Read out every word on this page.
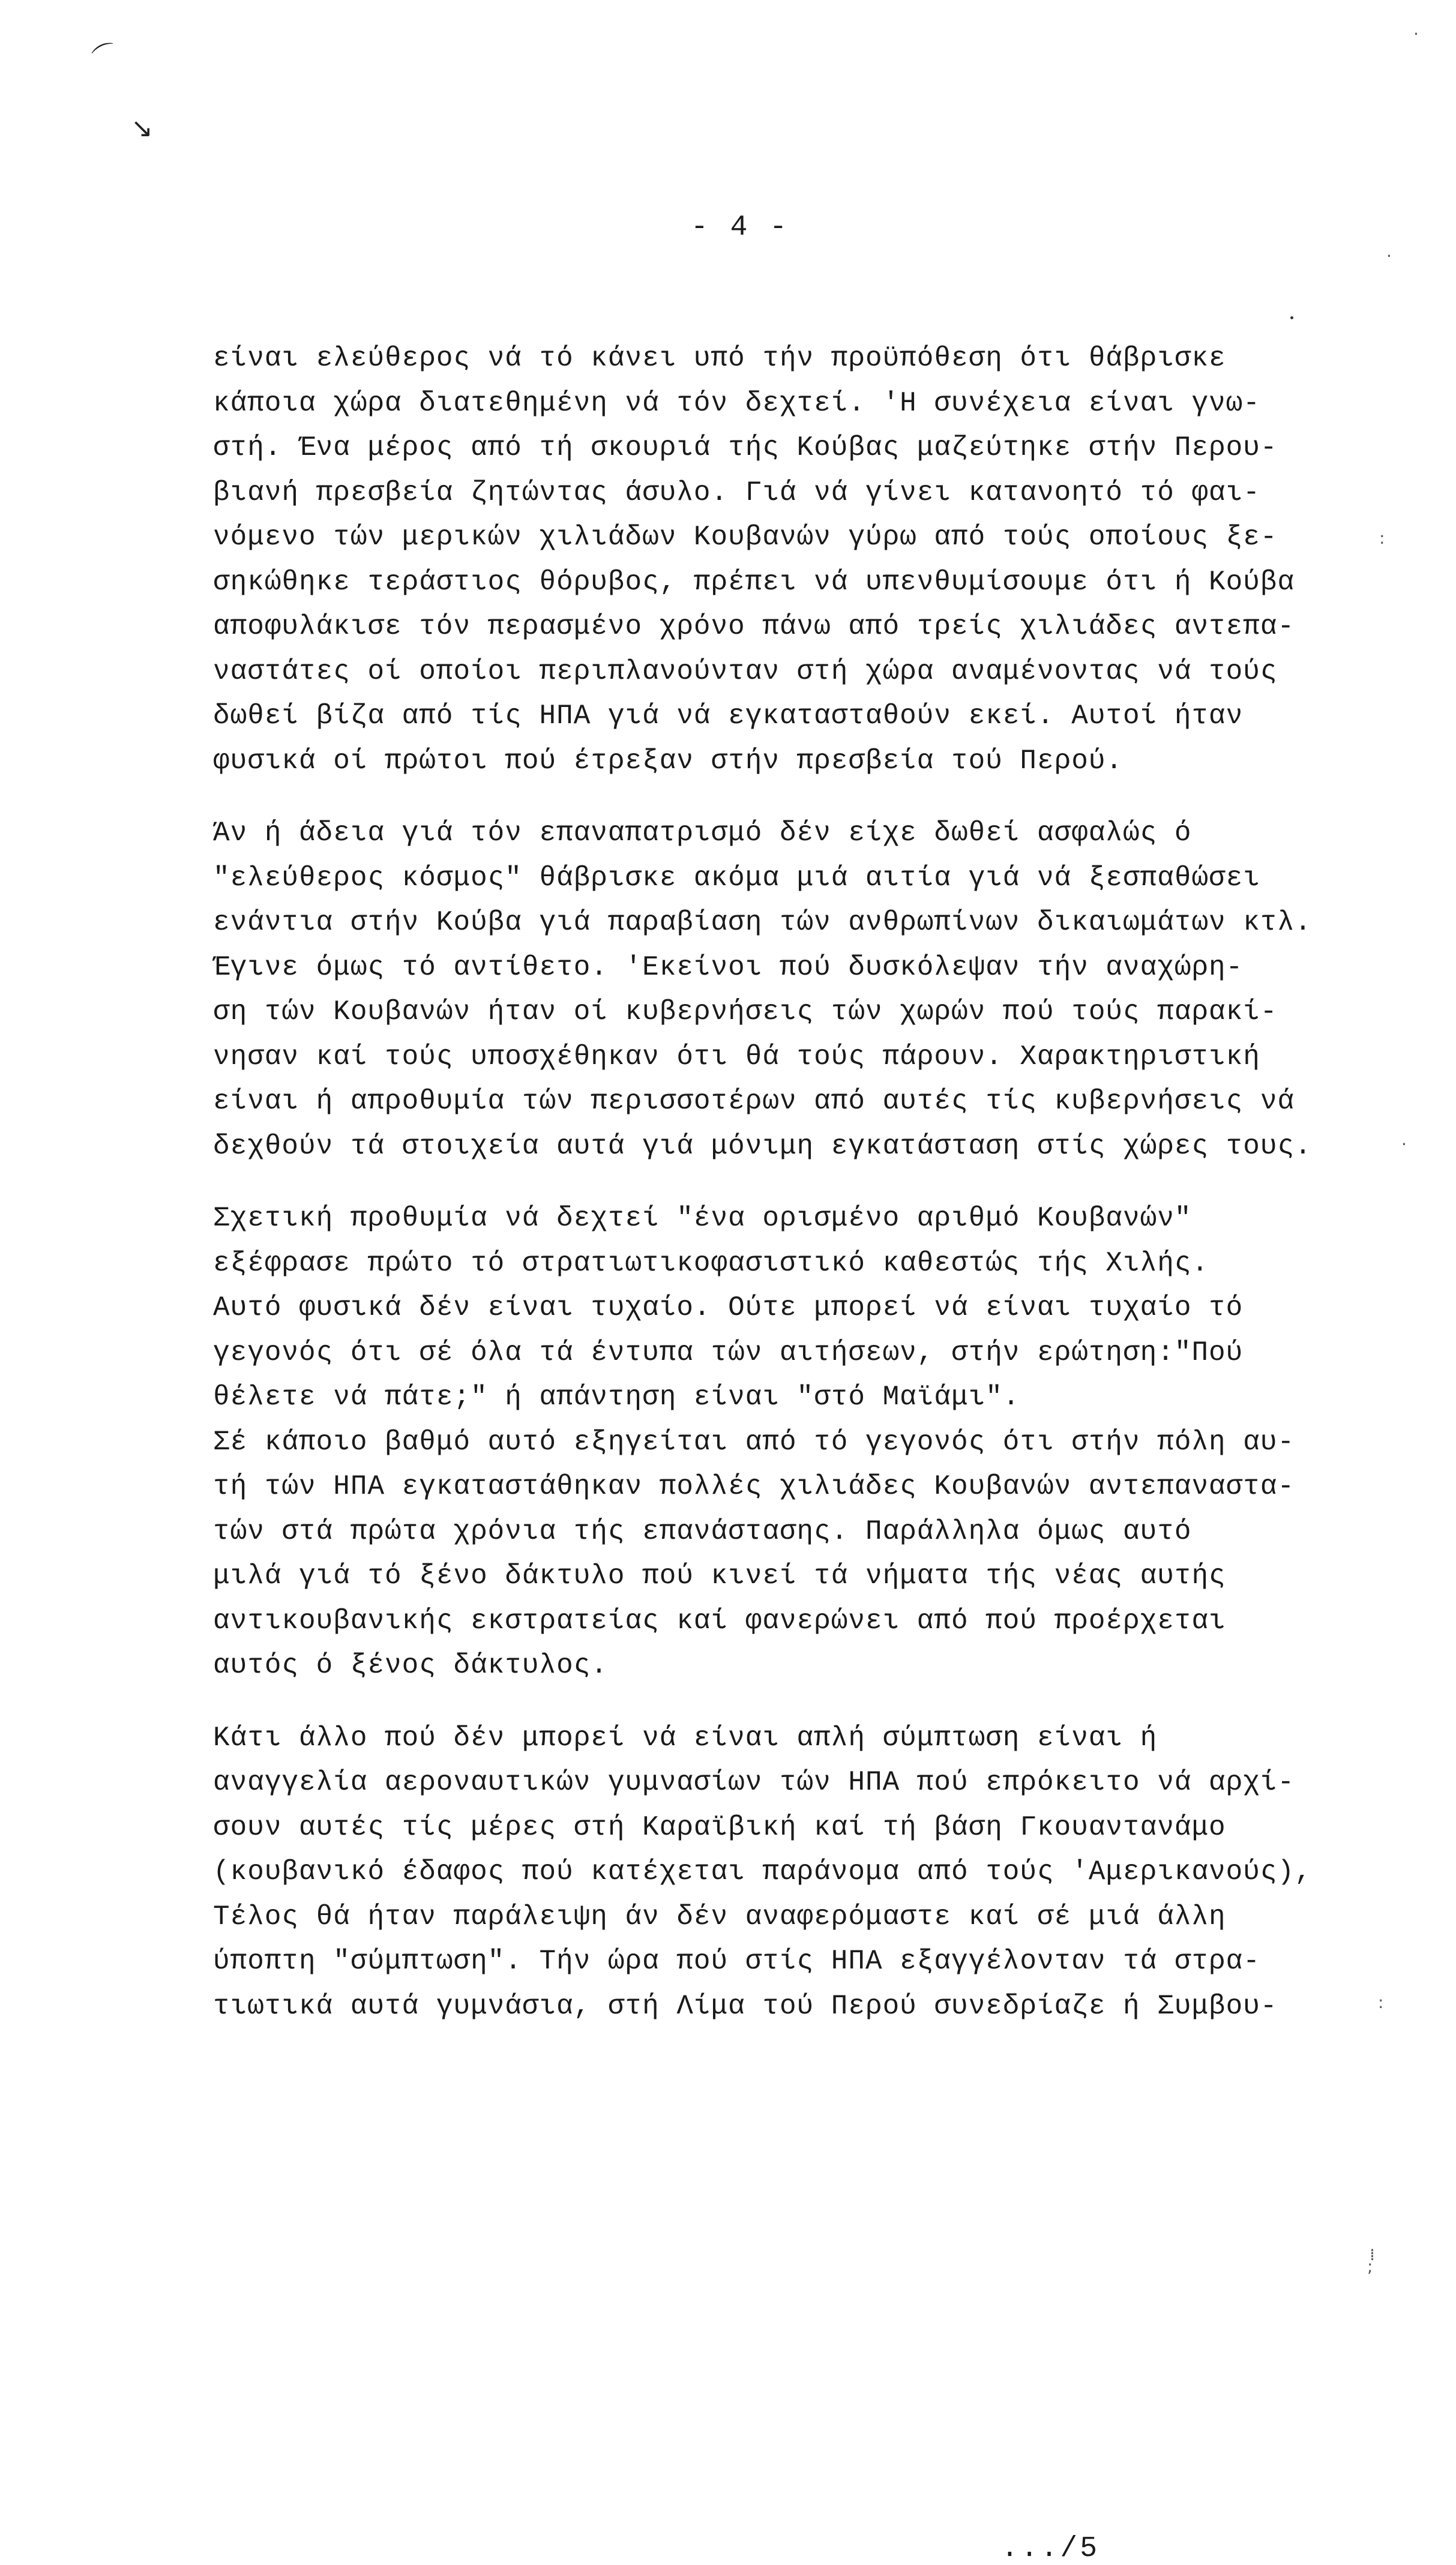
⌒
↘
- 4 -
είναι ελεύθερος νά τό κάνει υπό τήν προϋπόθεση ότι θάβρισκε
κάποια χώρα διατεθημένη νά τόν δεχτεί. 'Η συνέχεια είναι γνω-
στή. Ένα μέρος από τή σκουριά τής Κούβας μαζεύτηκε στήν Περου-
βιανή πρεσβεία ζητώντας άσυλο. Γιά νά γίνει κατανοητό τό φαι-
νόμενο τών μερικών χιλιάδων Κουβανών γύρω από τούς οποίους ξε-
σηκώθηκε τεράστιος θόρυβος, πρέπει νά υπενθυμίσουμε ότι ή Κούβα
αποφυλάκισε τόν περασμένο χρόνο πάνω από τρείς χιλιάδες αντεπα-
ναστάτες οί οποίοι περιπλανούνταν στή χώρα αναμένοντας νά τούς
δωθεί βίζα από τίς ΗΠΑ γιά νά εγκατασταθούν εκεί. Αυτοί ήταν
φυσικά οί πρώτοι πού έτρεξαν στήν πρεσβεία τού Περού.
Άν ή άδεια γιά τόν επαναπατρισμό δέν είχε δωθεί ασφαλώς ό
"ελεύθερος κόσμος" θάβρισκε ακόμα μιά αιτία γιά νά ξεσπαθώσει
ενάντια στήν Κούβα γιά παραβίαση τών ανθρωπίνων δικαιωμάτων κτλ.
Έγινε όμως τό αντίθετο. 'Εκείνοι πού δυσκόλεψαν τήν αναχώρη-
ση τών Κουβανών ήταν οί κυβερνήσεις τών χωρών πού τούς παρακί-
νησαν καί τούς υποσχέθηκαν ότι θά τούς πάρουν. Χαρακτηριστική
είναι ή απροθυμία τών περισσοτέρων από αυτές τίς κυβερνήσεις νά
δεχθούν τά στοιχεία αυτά γιά μόνιμη εγκατάσταση στίς χώρες τους.
Σχετική προθυμία νά δεχτεί "ένα ορισμένο αριθμό Κουβανών"
εξέφρασε πρώτο τό στρατιωτικοφασιστικό καθεστώς τής Χιλής.
Αυτό φυσικά δέν είναι τυχαίο. Ούτε μπορεί νά είναι τυχαίο τό
γεγονός ότι σέ όλα τά έντυπα τών αιτήσεων, στήν ερώτηση:"Πού
θέλετε νά πάτε;" ή απάντηση είναι "στό Μαϊάμι".
Σέ κάποιο βαθμό αυτό εξηγείται από τό γεγονός ότι στήν πόλη αυ-
τή τών ΗΠΑ εγκαταστάθηκαν πολλές χιλιάδες Κουβανών αντεπαναστα-
τών στά πρώτα χρόνια τής επανάστασης. Παράλληλα όμως αυτό
μιλά γιά τό ξένο δάκτυλο πού κινεί τά νήματα τής νέας αυτής
αντικουβανικής εκστρατείας καί φανερώνει από πού προέρχεται
αυτός ό ξένος δάκτυλος.
Κάτι άλλο πού δέν μπορεί νά είναι απλή σύμπτωση είναι ή
αναγγελία αεροναυτικών γυμνασίων τών ΗΠΑ πού επρόκειτο νά αρχί-
σουν αυτές τίς μέρες στή Καραϊβική καί τή βάση Γκουαντανάμο
(κουβανικό έδαφος πού κατέχεται παράνομα από τούς 'Αμερικανούς),
Τέλος θά ήταν παράλειψη άν δέν αναφερόμαστε καί σέ μιά άλλη
ύποπτη "σύμπτωση". Τήν ώρα πού στίς ΗΠΑ εξαγγέλονταν τά στρα-
τιωτικά αυτά γυμνάσια, στή Λίμα τού Περού συνεδρίαζε ή Συμβου-
.../5
·
·
:
·
:
⁞
;
